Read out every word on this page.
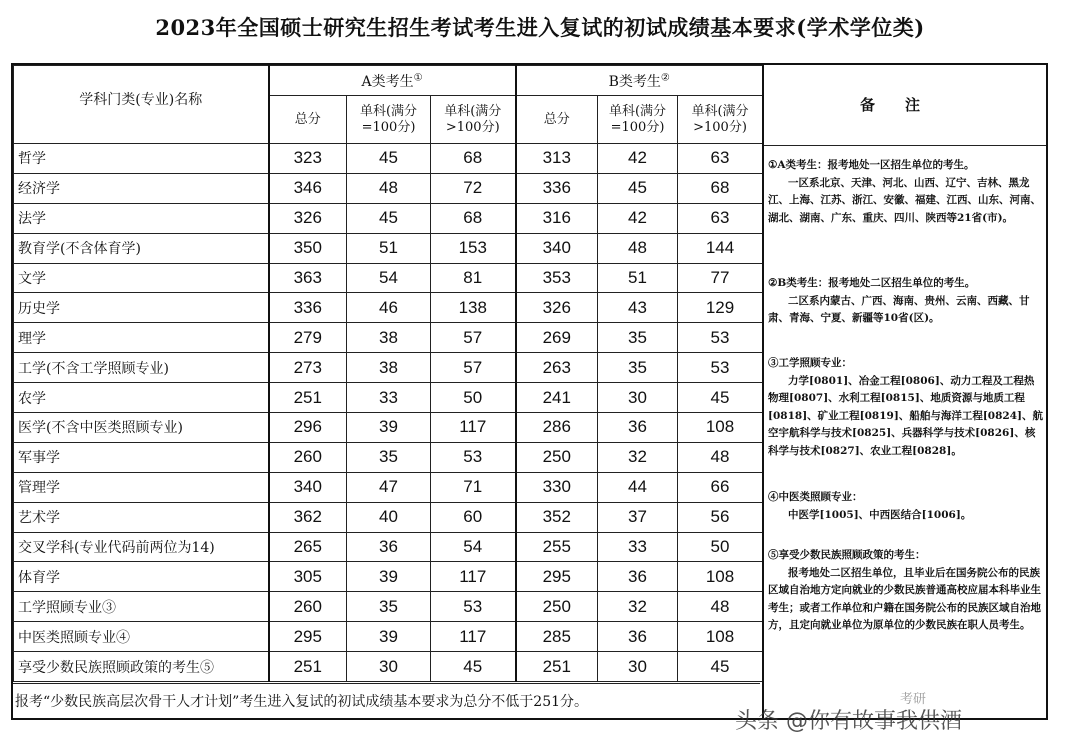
2023年全国硕士研究生招生考试考生进入复试的初试成绩基本要求(学术学位类)
学科门类(专业)名称	A类考生①			B类考生②
	总分	单科(满分=100分)	单科(满分>100分)	总分	单科(满分=100分)	单科(满分>100分)
哲学	323	45	68	313	42	63
经济学	346	48	72	336	45	68
法学	326	45	68	316	42	63
教育学(不含体育学)	350	51	153	340	48	144
文学	363	54	81	353	51	77
历史学	336	46	138	326	43	129
理学	279	38	57	269	35	53
工学(不含工学照顾专业)	273	38	57	263	35	53
农学	251	33	50	241	30	45
医学(不含中医类照顾专业)	296	39	117	286	36	108
军事学	260	35	53	250	32	48
管理学	340	47	71	330	44	66
艺术学	362	40	60	352	37	56
交叉学科(专业代码前两位为14)	265	36	54	255	33	50
体育学	305	39	117	295	36	108
工学照顾专业③	260	35	53	250	32	48
中医类照顾专业④	295	39	117	285	36	108
享受少数民族照顾政策的考生⑤	251	30	45	251	30	45
报考“少数民族高层次骨干人才计划”考生进入复试的初试成绩基本要求为总分不低于251分。
备注
①A类考生：报考地处一区招生单位的考生。
一区系北京、天津、河北、山西、辽宁、吉林、黑龙江、上海、江苏、浙江、安徽、福建、江西、山东、河南、湖北、湖南、广东、重庆、四川、陕西等21省(市)。
②B类考生：报考地处二区招生单位的考生。
二区系内蒙古、广西、海南、贵州、云南、西藏、甘肃、青海、宁夏、新疆等10省(区)。
③工学照顾专业：
力学[0801]、冶金工程[0806]、动力工程及工程热物理[0807]、水利工程[0815]、地质资源与地质工程[0818]、矿业工程[0819]、船舶与海洋工程[0824]、航空宇航科学与技术[0825]、兵器科学与技术[0826]、核科学与技术[0827]、农业工程[0828]。
④中医类照顾专业：
中医学[1005]、中西医结合[1006]。
⑤享受少数民族照顾政策的考生：
报考地处二区招生单位，且毕业后在国务院公布的民族区域自治地方定向就业的少数民族普通高校应届本科毕业生考生；或者工作单位和户籍在国务院公布的民族区域自治地方，且定向就业单位为原单位的少数民族在职人员考生。
考研
头条 @你有故事我供酒
